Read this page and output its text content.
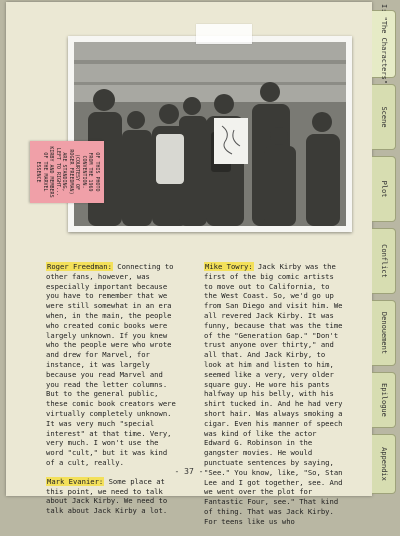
OF THIS PHOTO FROM THE 1969 CONVENTION. (COURTESY OF ROGER FREEDMAN) ARE STANDING, LEFT TO RIGHT... KIRBY AND MEMBERS OF THE MARVEL ESSENCE

Roger Freedman: Connecting to other fans, however, was especially important because you have to remember that we were still somewhat in an era when, in the main, the people who created comic books were largely unknown. If you knew who the people were who wrote and drew for Marvel, for instance, it was largely because you read Marvel and you read the letter columns. But to the general public, these comic book creators were virtually completely unknown. It was very much "special interest" at that time. Very, very much. I won't use the word "cult," but it was kind of a cult, really.

Mark Evanier: Some place at this point, we need to talk about Jack Kirby. We need to talk about Jack Kirby a lot.

Mike Towry: Jack Kirby was the first of the big comic artists to move out to California, to the West Coast. So, we'd go up from San Diego and visit him. We all revered Jack Kirby. It was funny, because that was the time of the "Generation Gap." "Don't trust anyone over thirty," and all that. And Jack Kirby, to look at him and listen to him, seemed like a very, very older square guy. He wore his pants halfway up his belly, with his shirt tucked in. And he had very short hair. Was always smoking a cigar. Even his manner of speech was kind of like the actor Edward G. Robinson in the gangster movies. He would punctuate sentences by saying, "See." You know, like, "So, Stan Lee and I got together, see. And we went over the plot for Fantastic Four, see." That kind of thing. That was Jack Kirby. For teens like us who

- 37 -
I: "The Characters"
Scene
Plot
Conflict
Denouement
Epilogue
Appendix
